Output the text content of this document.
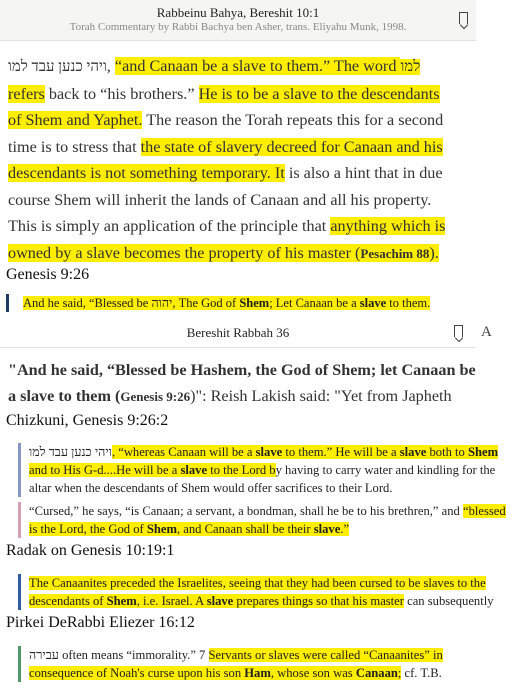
Rabbeinu Bahya, Bereshit 10:1
Torah Commentary by Rabbi Bachya ben Asher, trans. Eliyahu Munk, 1998.
ויהי כנען עבד למו, “and Canaan be a slave to them.” The word למו refers back to “his brothers.” He is to be a slave to the descendants of Shem and Yaphet. The reason the Torah repeats this for a second time is to stress that the state of slavery decreed for Canaan and his descendants is not something temporary. It is also a hint that in due course Shem will inherit the lands of Canaan and all his property. This is simply an application of the principle that anything which is owned by a slave becomes the property of his master (Pesachim 88).
Genesis 9:26
And he said, “Blessed be יהוה, The God of Shem; Let Canaan be a slave to them.
Bereshit Rabbah 36	A
"And he said, “Blessed be Hashem, the God of Shem; let Canaan be a slave to them (Genesis 9:26)": Reish Lakish said: "Yet from Japheth
Chizkuni, Genesis 9:26:2
ויהי כנען עבד למו, “whereas Canaan will be a slave to them.” He will be a slave both to Shem and to His G-d....He will be a slave to the Lord by having to carry water and kindling for the altar when the descendants of Shem would offer sacrifices to their Lord.
“Cursed,” he says, “is Canaan; a servant, a bondman, shall he be to his brethren,” and “blessed is the Lord, the God of Shem, and Canaan shall be their slave.”
Radak on Genesis 10:19:1
The Canaanites preceded the Israelites, seeing that they had been cursed to be slaves to the descendants of Shem, i.e. Israel. A slave prepares things so that his master can subsequently
Pirkei DeRabbi Eliezer 16:12
עבירה often means “immorality.” 7 Servants or slaves were called “Canaanites” in consequence of Noah's curse upon his son Ham, whose son was Canaan; cf. T.B.
